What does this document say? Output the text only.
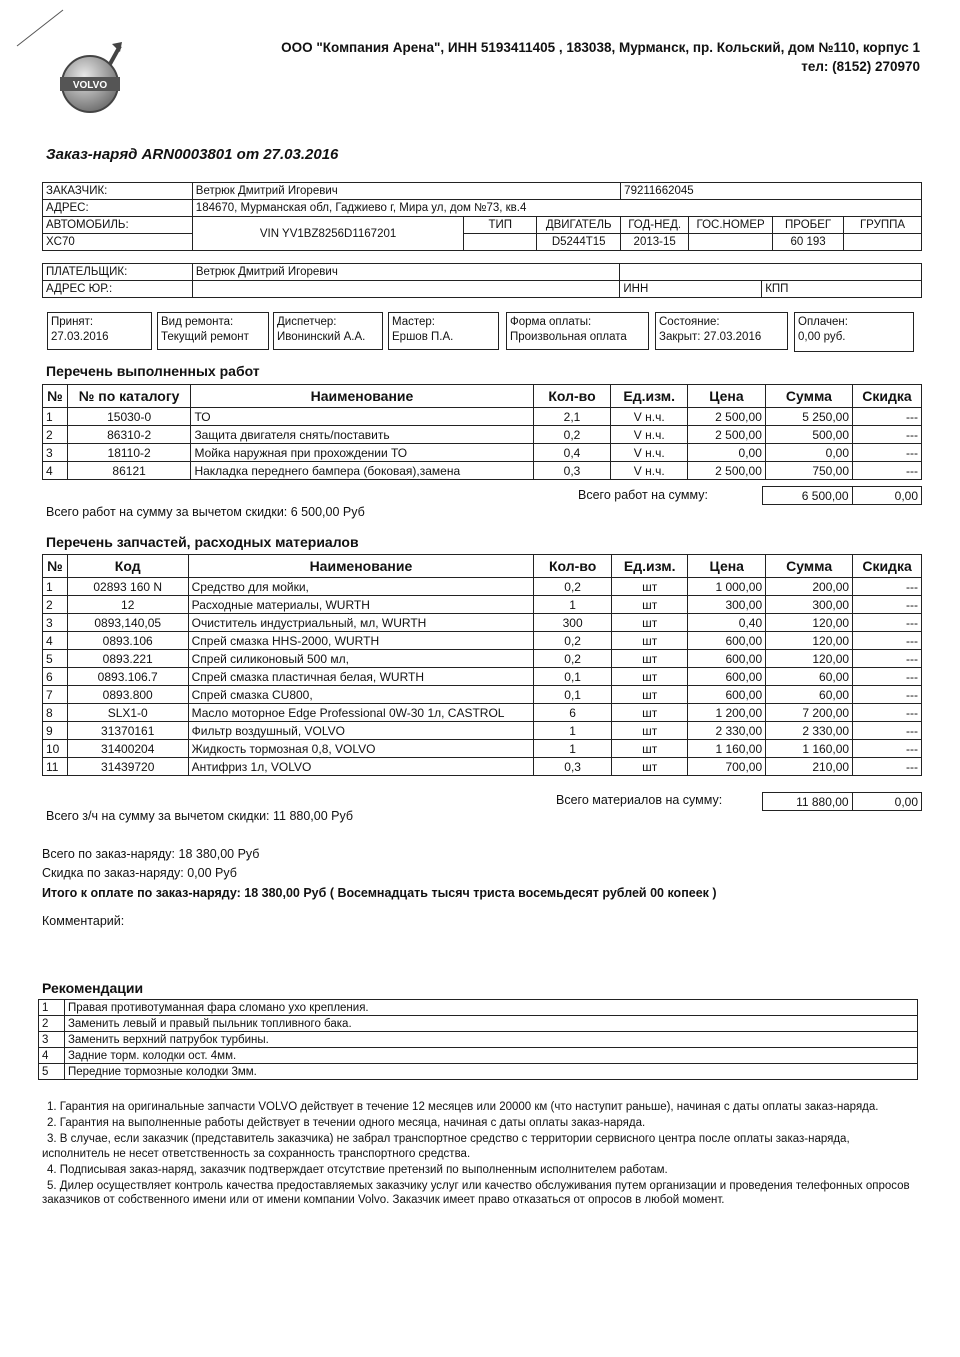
VOLVO
ООО "Компания Арена", ИНН 5193411405 , 183038, Мурманск, пр. Кольский, дом №110, корпус 1
тел: (8152) 270970
Заказ-наряд ARN0003801 от 27.03.2016
ЗАКАЗЧИК:	Ветрюк Дмитрий Игоревич			79211662045			
АДРЕС:	184670, Мурманская обл, Гаджиево г, Мира ул, дом №73, кв.4						
АВТОМОБИЛЬ:	VIN YV1BZ8256D1167201	ТИП	ДВИГАТЕЛЬ	ГОД-НЕД.	ГОС.НОМЕР	ПРОБЕГ	ГРУППА
XC70			D5244T15	2013-15		60 193	
ПЛАТЕЛЬЩИК:	Ветрюк Дмитрий Игоревич		
АДРЕС ЮР.:		ИНН	КПП
Принят:
27.03.2016
Вид ремонта:
Текущий ремонт
Диспетчер:
Ивонинский А.А.
Мастер:
Ершов П.А.
Форма оплаты:
Произвольная оплата
Состояние:
Закрыт: 27.03.2016
Оплачен:
0,00 руб.
Перечень выполненных работ
№	№ по каталогу	Наименование	Кол-во	Ед.изм.	Цена	Сумма	Скидка
1	15030-0	ТО	2,1	V н.ч.	2 500,00	5 250,00	---
2	86310-2	Защита двигателя снять/поставить	0,2	V н.ч.	2 500,00	500,00	---
3	18110-2	Мойка наружная при прохождении ТО	0,4	V н.ч.	0,00	0,00	---
4	86121	Накладка переднего бампера (боковая),замена	0,3	V н.ч.	2 500,00	750,00	---
Всего работ на сумму:	6 500,00	0,00
Всего работ на сумму за вычетом скидки: 6 500,00 Руб
Перечень запчастей, расходных материалов
№	Код	Наименование	Кол-во	Ед.изм.	Цена	Сумма	Скидка
1	02893 160 N	Средство для мойки,	0,2	шт	1 000,00	200,00	---
2	12	Расходные материалы, WURTH	1	шт	300,00	300,00	---
3	0893,140,05	Очиститель индустриальный, мл, WURTH	300	шт	0,40	120,00	---
4	0893.106	Спрей смазка HHS-2000, WURTH	0,2	шт	600,00	120,00	---
5	0893.221	Спрей силиконовый 500 мл,	0,2	шт	600,00	120,00	---
6	0893.106.7	Спрей смазка пластичная белая, WURTH	0,1	шт	600,00	60,00	---
7	0893.800	Спрей смазка CU800,	0,1	шт	600,00	60,00	---
8	SLX1-0	Масло моторное Edge Professional 0W-30 1л, CASTROL	6	шт	1 200,00	7 200,00	---
9	31370161	Фильтр воздушный, VOLVO	1	шт	2 330,00	2 330,00	---
10	31400204	Жидкость тормозная 0,8, VOLVO	1	шт	1 160,00	1 160,00	---
11	31439720	Антифриз 1л, VOLVO	0,3	шт	700,00	210,00	---
Всего материалов на сумму:	11 880,00	0,00
Всего з/ч на сумму за вычетом скидки: 11 880,00 Руб
Всего по заказ-наряду: 18 380,00 Руб
Скидка по заказ-наряду: 0,00 Руб
Итого к оплате по заказ-наряду: 18 380,00 Руб ( Восемнадцать тысяч триста восемьдесят рублей 00 копеек )
Комментарий:
Рекомендации
1	Правая противотуманная фара сломано ухо крепления.
2	Заменить левый и правый пыльник топливного бака.
3	Заменить верхний патрубок турбины.
4	Задние торм. колодки ост. 4мм.
5	Передние тормозные колодки 3мм.

1. Гарантия на оригинальные запчасти VOLVO действует в течение 12 месяцев или 20000 км (что наступит раньше), начиная с даты оплаты заказ-наряда.

2. Гарантия на выполненные работы действует в течении одного месяца, начиная с даты оплаты заказ-наряда.

3. В случае, если заказчик (представитель заказчика) не забрал транспортное средство с территории сервисного центра после оплаты заказ-наряда, исполнитель не несет ответственность за сохранность транспортного средства.

4. Подписывая заказ-наряд, заказчик подтверждает отсутствие претензий по выполненным исполнителем работам.

5. Дилер осуществляет контроль качества предоставляемых заказчику услуг или качество обслуживания путем организации и проведения телефонных опросов заказчиков от собственного имени или от имени компании Volvo. Заказчик имеет право отказаться от опросов в любой момент.
